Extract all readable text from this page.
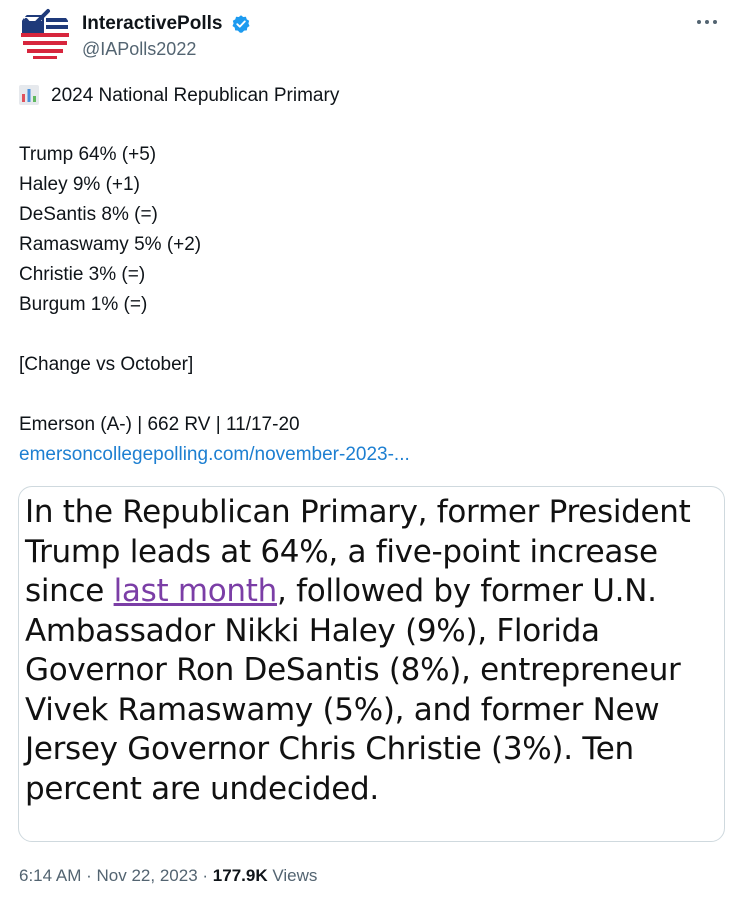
InteractivePolls
@IAPolls2022
2024 National Republican Primary

Trump 64% (+5)
Haley 9% (+1)
DeSantis 8% (=)
Ramaswamy 5% (+2)
Christie 3% (=)
Burgum 1% (=)

[Change vs October]

Emerson (A-) | 662 RV | 11/17-20
emersoncollegepolling.com/november-2023-...
In the Republican Primary, former President
Trump leads at 64%, a five-point increase
since last month, followed by former U.N.
Ambassador Nikki Haley (9%), Florida
Governor Ron DeSantis (8%), entrepreneur
Vivek Ramaswamy (5%), and former New
Jersey Governor Chris Christie (3%). Ten
percent are undecided.
6:14 AM · Nov 22, 2023 · 177.9K Views
